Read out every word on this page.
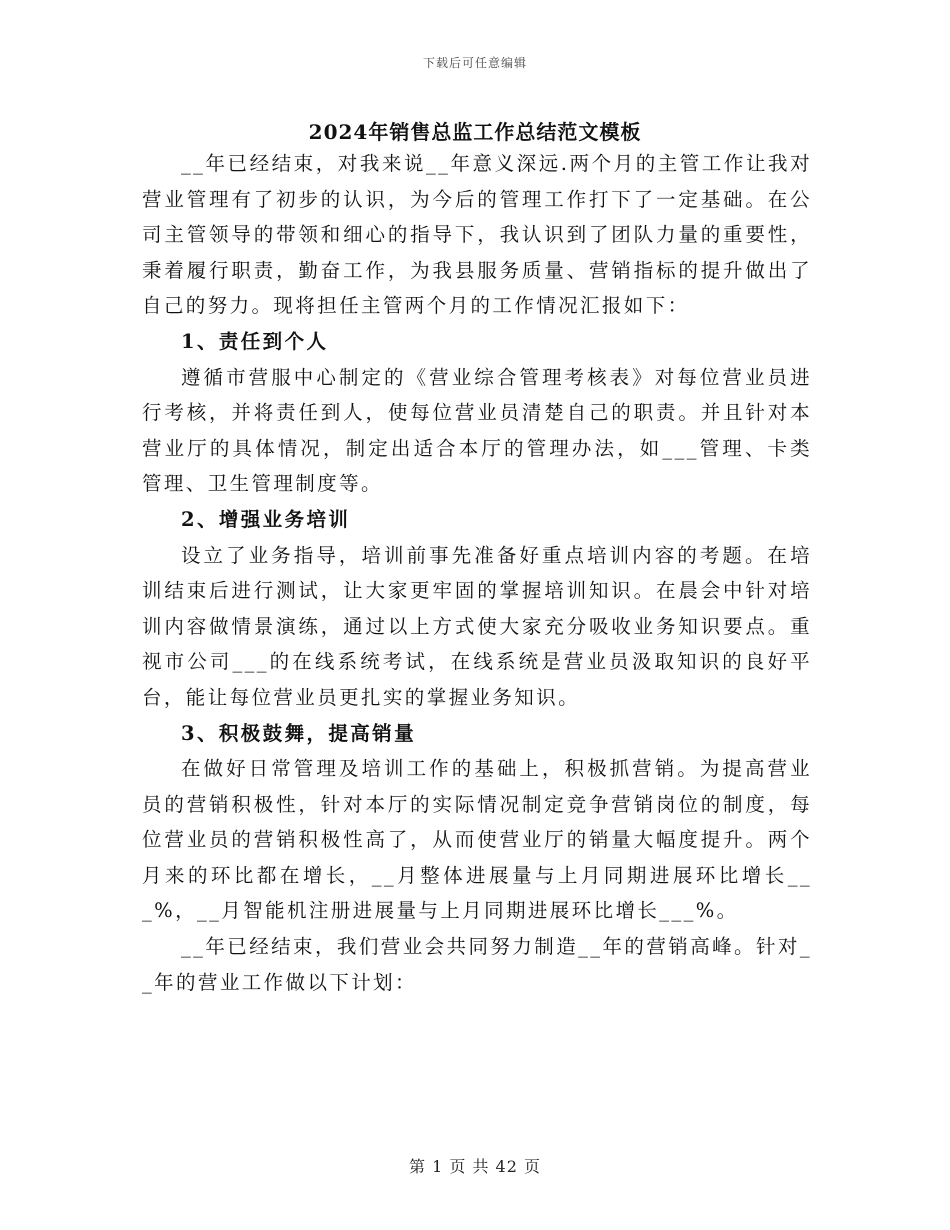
下载后可任意编辑
2024年销售总监工作总结范文模板

__年已经结束，对我来说__年意义深远.两个月的主管工作让我对营业管理有了初步的认识，为今后的管理工作打下了一定基础。在公司主管领导的带领和细心的指导下，我认识到了团队力量的重要性，秉着履行职责，勤奋工作，为我县服务质量、营销指标的提升做出了自己的努力。现将担任主管两个月的工作情况汇报如下：

1、责任到个人

遵循市营服中心制定的《营业综合管理考核表》对每位营业员进行考核，并将责任到人，使每位营业员清楚自己的职责。并且针对本营业厅的具体情况，制定出适合本厅的管理办法，如___管理、卡类管理、卫生管理制度等。

2、增强业务培训

设立了业务指导，培训前事先准备好重点培训内容的考题。在培训结束后进行测试，让大家更牢固的掌握培训知识。在晨会中针对培训内容做情景演练，通过以上方式使大家充分吸收业务知识要点。重视市公司___的在线系统考试，在线系统是营业员汲取知识的良好平台，能让每位营业员更扎实的掌握业务知识。

3、积极鼓舞，提高销量

在做好日常管理及培训工作的基础上，积极抓营销。为提高营业员的营销积极性，针对本厅的实际情况制定竞争营销岗位的制度，每位营业员的营销积极性高了，从而使营业厅的销量大幅度提升。两个月来的环比都在增长，__月整体进展量与上月同期进展环比增长___%，__月智能机注册进展量与上月同期进展环比增长___%。

__年已经结束，我们营业会共同努力制造__年的营销高峰。针对__年的营业工作做以下计划：

第 1 页 共 42 页
